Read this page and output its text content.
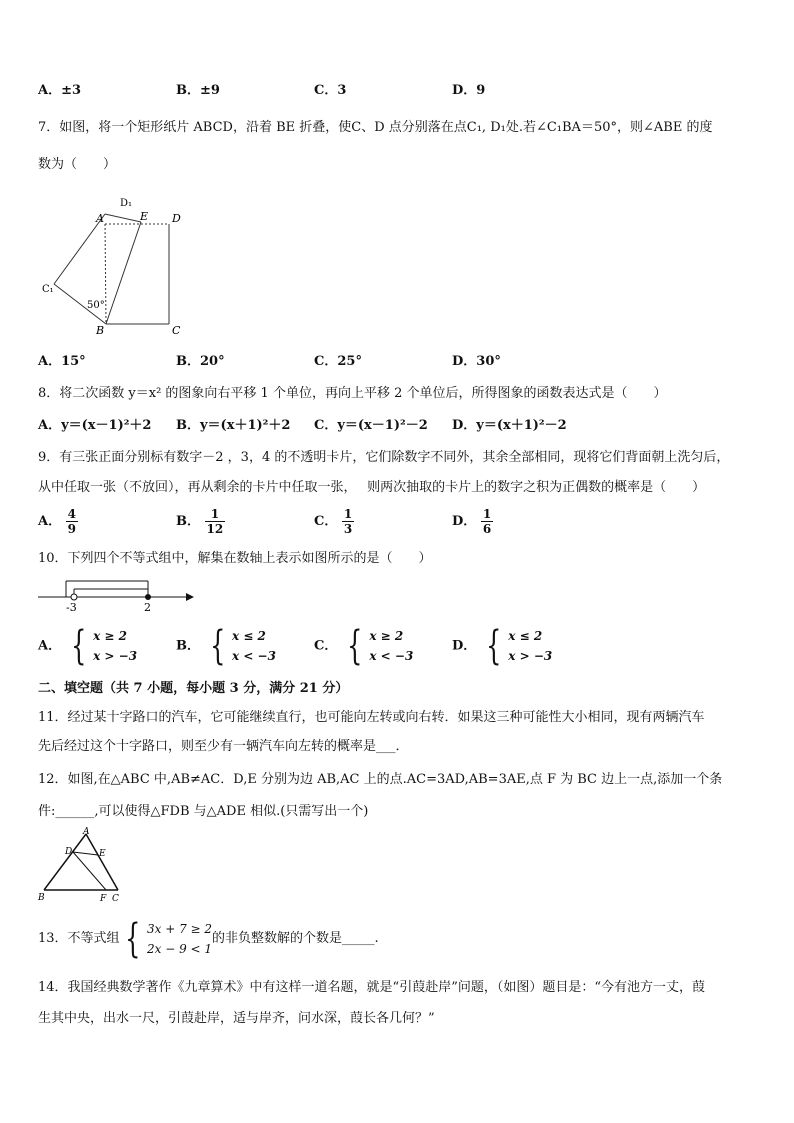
A．±3	B．±9	C．3	D．9
7．如图，将一个矩形纸片 ABCD，沿着 BE 折叠，使C、D 点分别落在点C₁, D₁处.若∠C₁BA＝50°，则∠ABE 的度
数为（　　）
D₁
A	E D
C₁
50°
B	C
A．15°	B．20°	C．25°	D．30°
8．将二次函数 y＝x² 的图象向右平移 1 个单位，再向上平移 2 个单位后，所得图象的函数表达式是（　　）
A．y＝(x－1)²＋2 B．y＝(x＋1)²＋2 C．y＝(x－1)²－2 D．y＝(x＋1)²－2
9．有三张正面分别标有数字－2 ，3，4 的不透明卡片，它们除数字不同外，其余全部相同，现将它们背面朝上洗匀后，
从中任取一张（不放回），再从剩余的卡片中任取一张，　 则两次抽取的卡片上的数字之积为正偶数的概率是（　　）
A． $\frac{4}{9}$	B． $\frac{1}{12}$	C． $\frac{1}{3}$	D． $\frac{1}{6}$
10．下列四个不等式组中，解集在数轴上表示如图所示的是（　　）
-3	2
A． { x ≥ 2
x > −3
B． { x ≤ 2
x < −3
C． { x ≥ 2
x < −3
D． { x ≤ 2
x > −3
二、填空题（共 7 小题，每小题 3 分，满分 21 分）
11．经过某十字路口的汽车，它可能继续直行，也可能向左转或向右转．如果这三种可能性大小相同，现有两辆汽车
先后经过这个十字路口，则至少有一辆汽车向左转的概率是___．
12．如图,在△ABC 中,AB≠AC．D,E 分别为边 AB,AC 上的点.AC=3AD,AB=3AE,点 F 为 BC 边上一点,添加一个条
件:______,可以使得△FDB 与△ADE 相似.(只需写出一个)
A
D	E
B	F C
13．不等式组 { 3x + 7 ≥ 2
2x − 9 < 1
的非负整数解的个数是_____.
14．我国经典数学著作《九章算术》中有这样一道名题，就是“引葭赴岸”问题，（如图）题目是：“今有池方一丈，葭
生其中央，出水一尺，引葭赴岸，适与岸齐，问水深，葭长各几何？”
